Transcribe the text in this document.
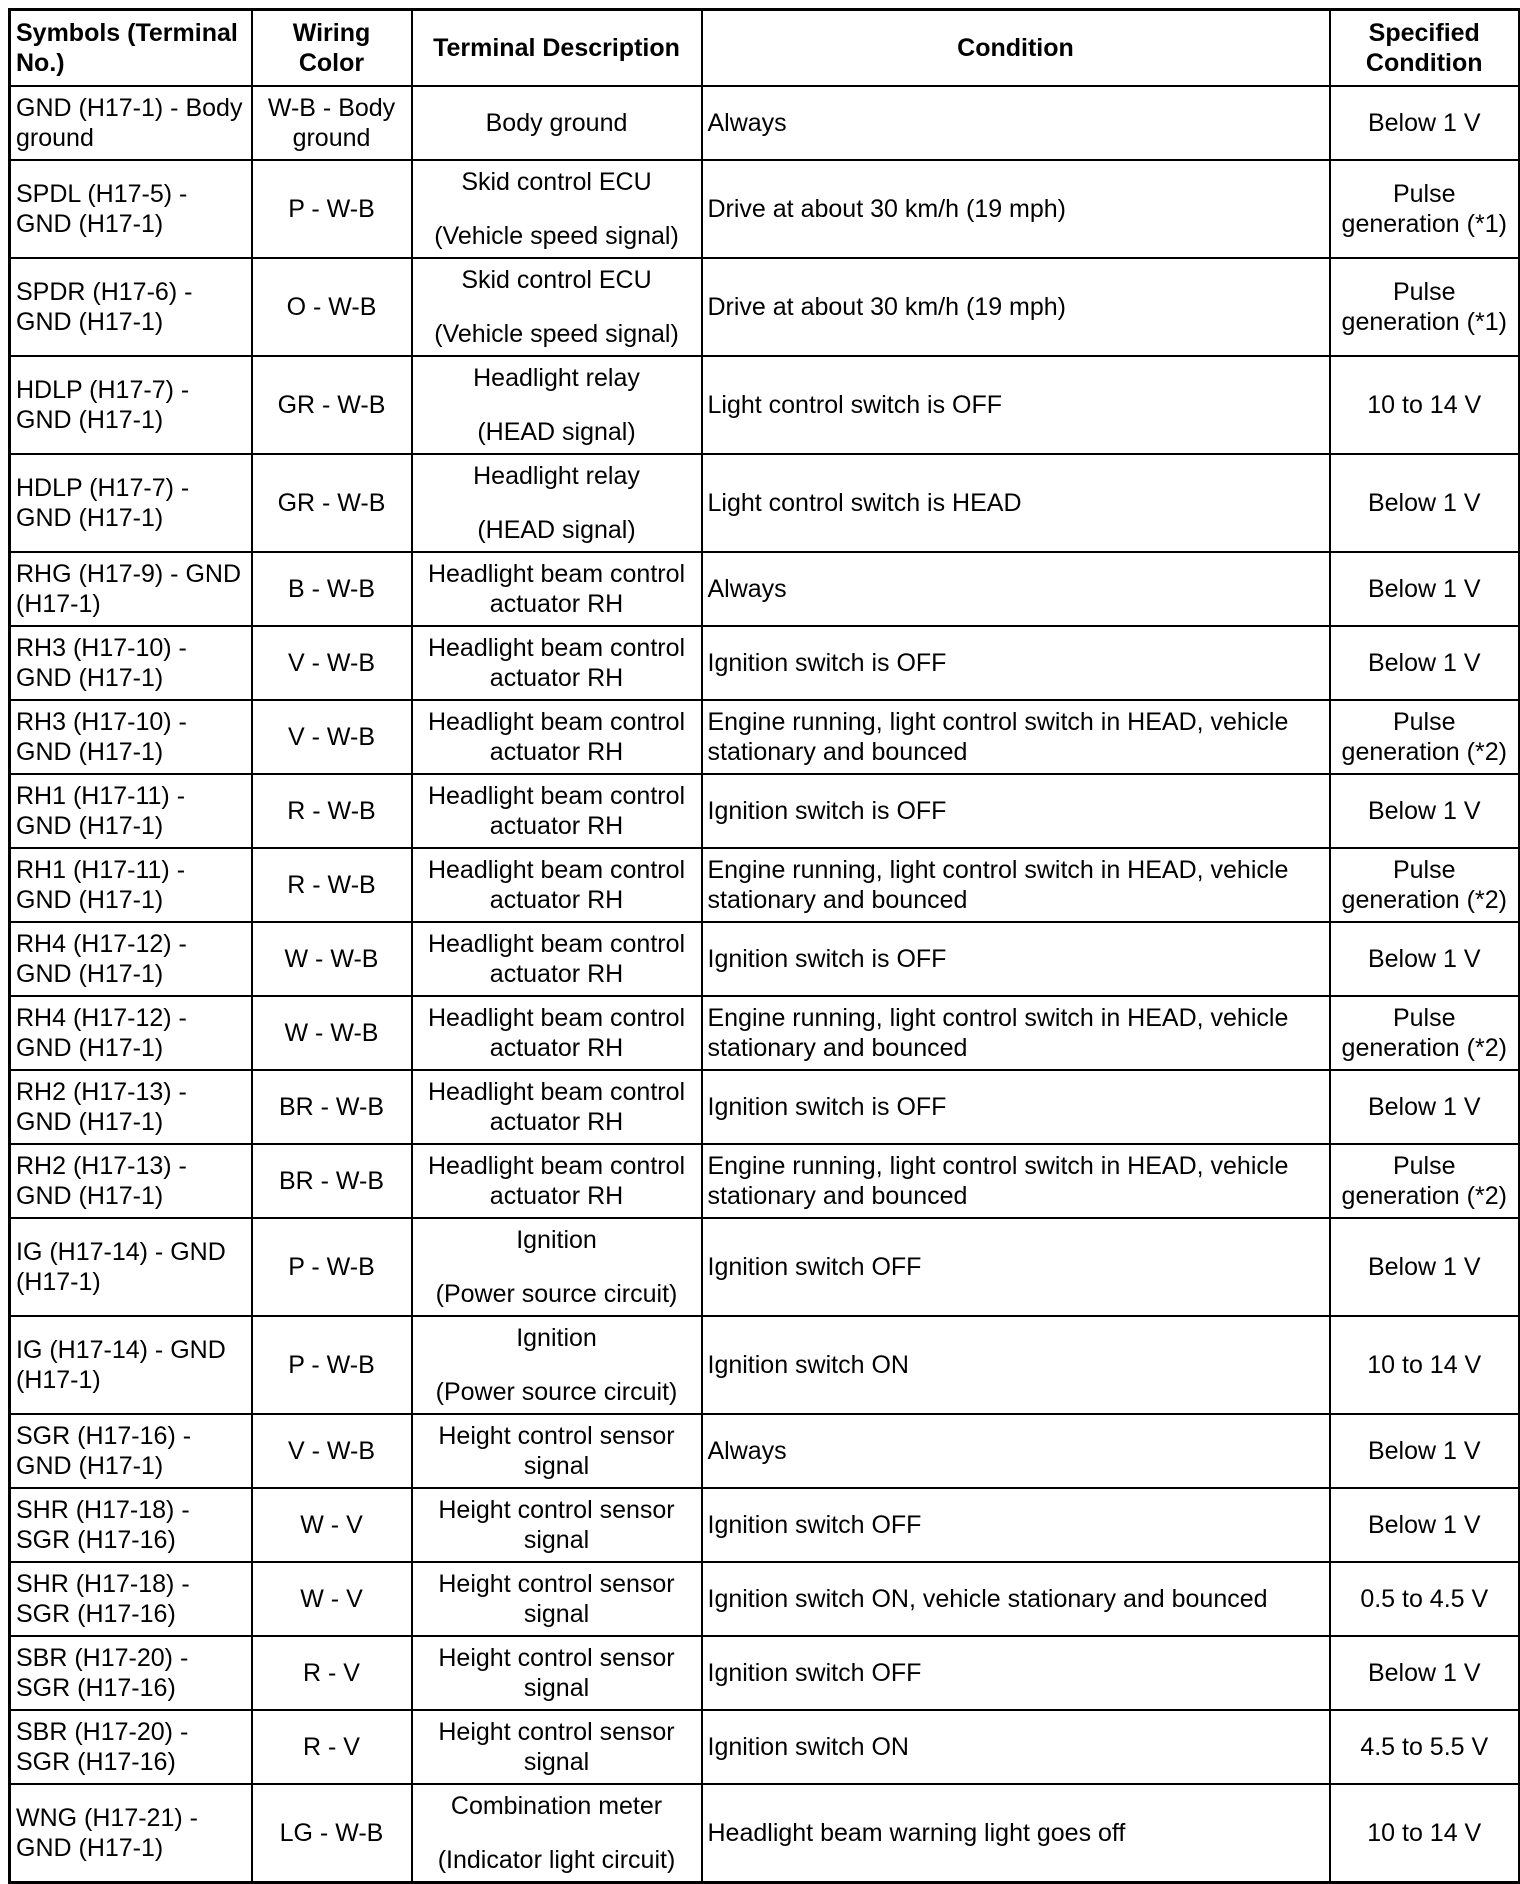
Symbols (Terminal No.)	Wiring Color	Terminal Description	Condition	Specified Condition
GND (H17-1) - Body ground	W-B - Body ground	Body ground	Always	Below 1 V
SPDL (H17-5) - GND (H17-1)	P - W-B	Skid control ECU
(Vehicle speed signal)	Drive at about 30 km/h (19 mph)	Pulse generation (*1)
SPDR (H17-6) - GND (H17-1)	O - W-B	Skid control ECU
(Vehicle speed signal)	Drive at about 30 km/h (19 mph)	Pulse generation (*1)
HDLP (H17-7) - GND (H17-1)	GR - W-B	Headlight relay
(HEAD signal)	Light control switch is OFF	10 to 14 V
HDLP (H17-7) - GND (H17-1)	GR - W-B	Headlight relay
(HEAD signal)	Light control switch is HEAD	Below 1 V
RHG (H17-9) - GND (H17-1)	B - W-B	Headlight beam control actuator RH	Always	Below 1 V
RH3 (H17-10) - GND (H17-1)	V - W-B	Headlight beam control actuator RH	Ignition switch is OFF	Below 1 V
RH3 (H17-10) - GND (H17-1)	V - W-B	Headlight beam control actuator RH	Engine running, light control switch in HEAD, vehicle stationary and bounced	Pulse generation (*2)
RH1 (H17-11) - GND (H17-1)	R - W-B	Headlight beam control actuator RH	Ignition switch is OFF	Below 1 V
RH1 (H17-11) - GND (H17-1)	R - W-B	Headlight beam control actuator RH	Engine running, light control switch in HEAD, vehicle stationary and bounced	Pulse generation (*2)
RH4 (H17-12) - GND (H17-1)	W - W-B	Headlight beam control actuator RH	Ignition switch is OFF	Below 1 V
RH4 (H17-12) - GND (H17-1)	W - W-B	Headlight beam control actuator RH	Engine running, light control switch in HEAD, vehicle stationary and bounced	Pulse generation (*2)
RH2 (H17-13) - GND (H17-1)	BR - W-B	Headlight beam control actuator RH	Ignition switch is OFF	Below 1 V
RH2 (H17-13) - GND (H17-1)	BR - W-B	Headlight beam control actuator RH	Engine running, light control switch in HEAD, vehicle stationary and bounced	Pulse generation (*2)
IG (H17-14) - GND (H17-1)	P - W-B	Ignition
(Power source circuit)	Ignition switch OFF	Below 1 V
IG (H17-14) - GND (H17-1)	P - W-B	Ignition
(Power source circuit)	Ignition switch ON	10 to 14 V
SGR (H17-16) - GND (H17-1)	V - W-B	Height control sensor signal	Always	Below 1 V
SHR (H17-18) - SGR (H17-16)	W - V	Height control sensor signal	Ignition switch OFF	Below 1 V
SHR (H17-18) - SGR (H17-16)	W - V	Height control sensor signal	Ignition switch ON, vehicle stationary and bounced	0.5 to 4.5 V
SBR (H17-20) - SGR (H17-16)	R - V	Height control sensor signal	Ignition switch OFF	Below 1 V
SBR (H17-20) - SGR (H17-16)	R - V	Height control sensor signal	Ignition switch ON	4.5 to 5.5 V
WNG (H17-21) - GND (H17-1)	LG - W-B	Combination meter
(Indicator light circuit)	Headlight beam warning light goes off	10 to 14 V
